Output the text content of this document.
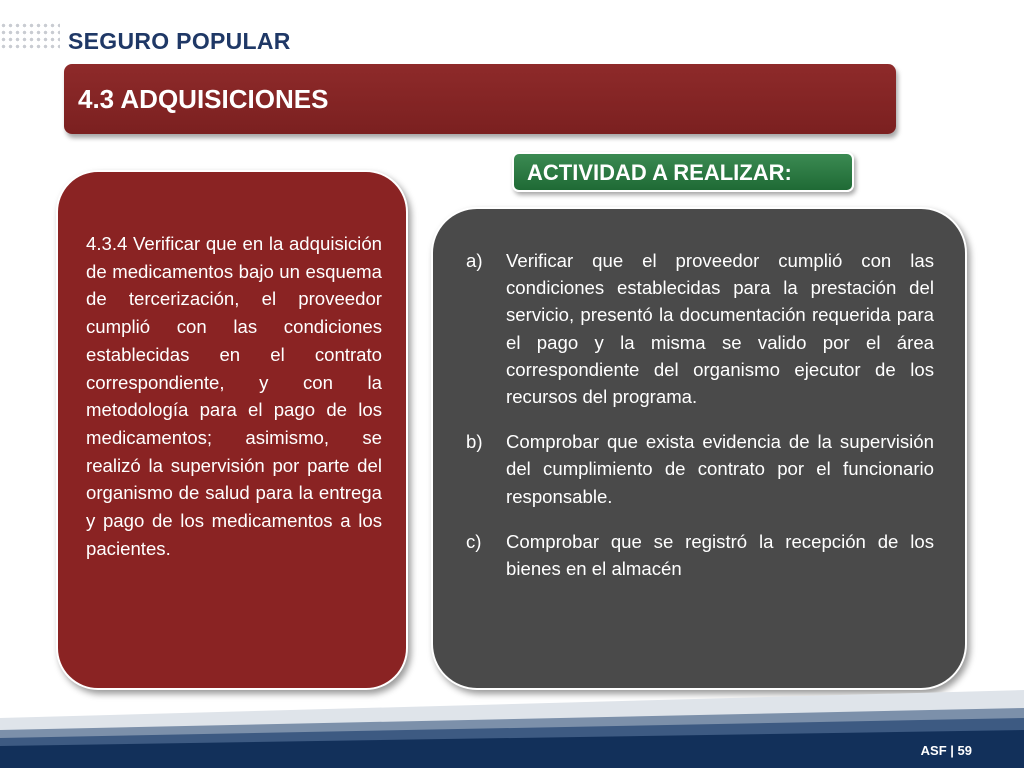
SEGURO POPULAR
4.3 ADQUISICIONES
ACTIVIDAD A REALIZAR:
4.3.4 Verificar que en la adquisición de medicamentos bajo un esquema de tercerización, el proveedor cumplió con las condiciones establecidas en el contrato correspondiente, y con la metodología para el pago de los medicamentos; asimismo, se realizó la supervisión por parte del organismo de salud para la entrega y pago de los medicamentos a los pacientes.
a)	Verificar que el proveedor cumplió con las condiciones establecidas para la prestación del servicio, presentó la documentación requerida para el pago y la misma se valido por el área correspondiente del organismo ejecutor de los recursos del programa.
b)	Comprobar que exista evidencia de la supervisión del cumplimiento de contrato por el funcionario responsable.
c)	Comprobar que se registró la recepción de los bienes en el almacén
ASF | 59
